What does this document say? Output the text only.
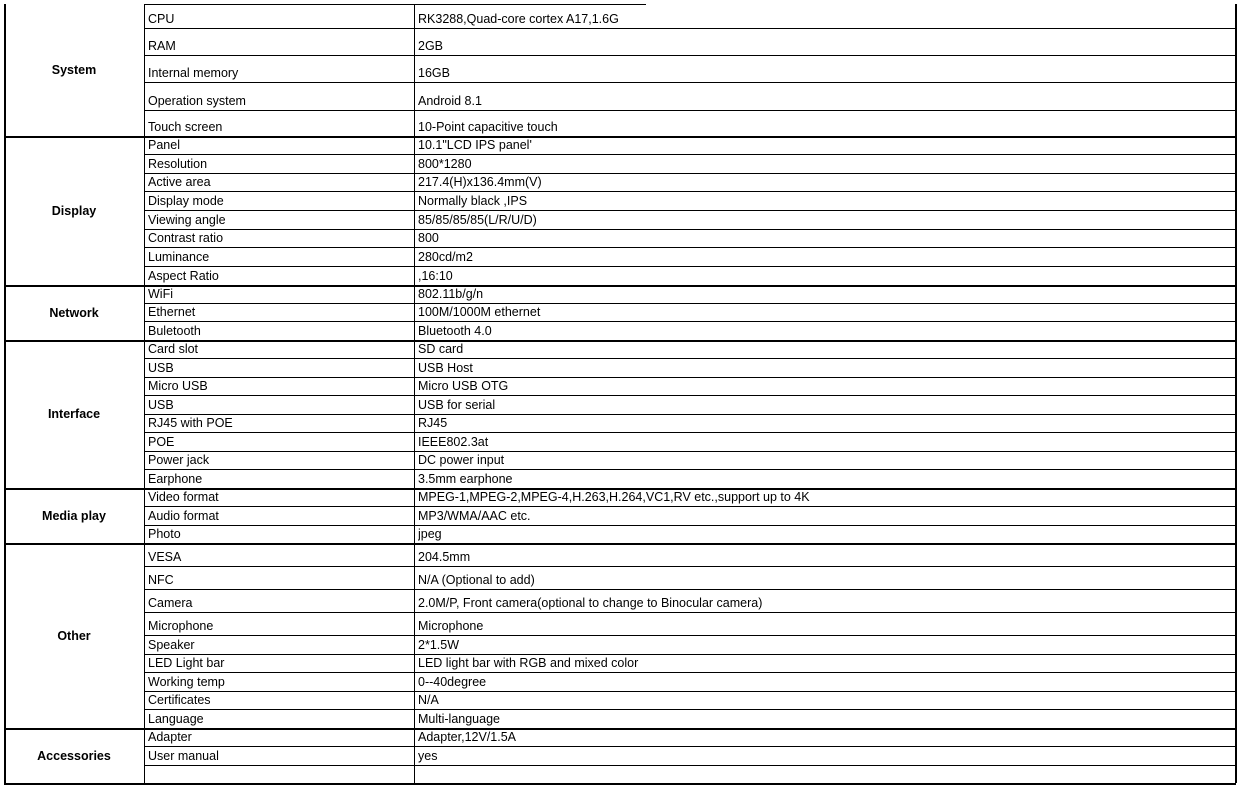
System
CPU	RK3288,Quad-core cortex A17,1.6G
RAM	2GB
Internal memory	16GB
Operation system	Android 8.1
Touch screen	10-Point capacitive touch
Display
Panel	10.1"LCD IPS panel'
Resolution	800*1280
Active area	217.4(H)x136.4mm(V)
Display mode	Normally black ,IPS
Viewing angle	85/85/85/85(L/R/U/D)
Contrast ratio	800
Luminance	280cd/m2
Aspect Ratio	,16:10
Network
WiFi	802.11b/g/n
Ethernet	100M/1000M ethernet
Buletooth	Bluetooth 4.0
Interface
Card slot	SD card
USB	USB Host
Micro USB	Micro USB OTG
USB	USB for serial
RJ45 with POE	RJ45
POE	IEEE802.3at
Power jack	DC power input
Earphone	3.5mm earphone
Media play
Video format	MPEG-1,MPEG-2,MPEG-4,H.263,H.264,VC1,RV etc.,support up to 4K
Audio format	MP3/WMA/AAC etc.
Photo	jpeg
Other
VESA	204.5mm
NFC	N/A (Optional to add)
Camera	2.0M/P, Front camera(optional to change to Binocular camera)
Microphone	Microphone
Speaker	2*1.5W
LED Light bar	LED light bar with RGB and mixed color
Working temp	0--40degree
Certificates	N/A
Language	Multi-language
Accessories
Adapter	Adapter,12V/1.5A
User manual	yes
